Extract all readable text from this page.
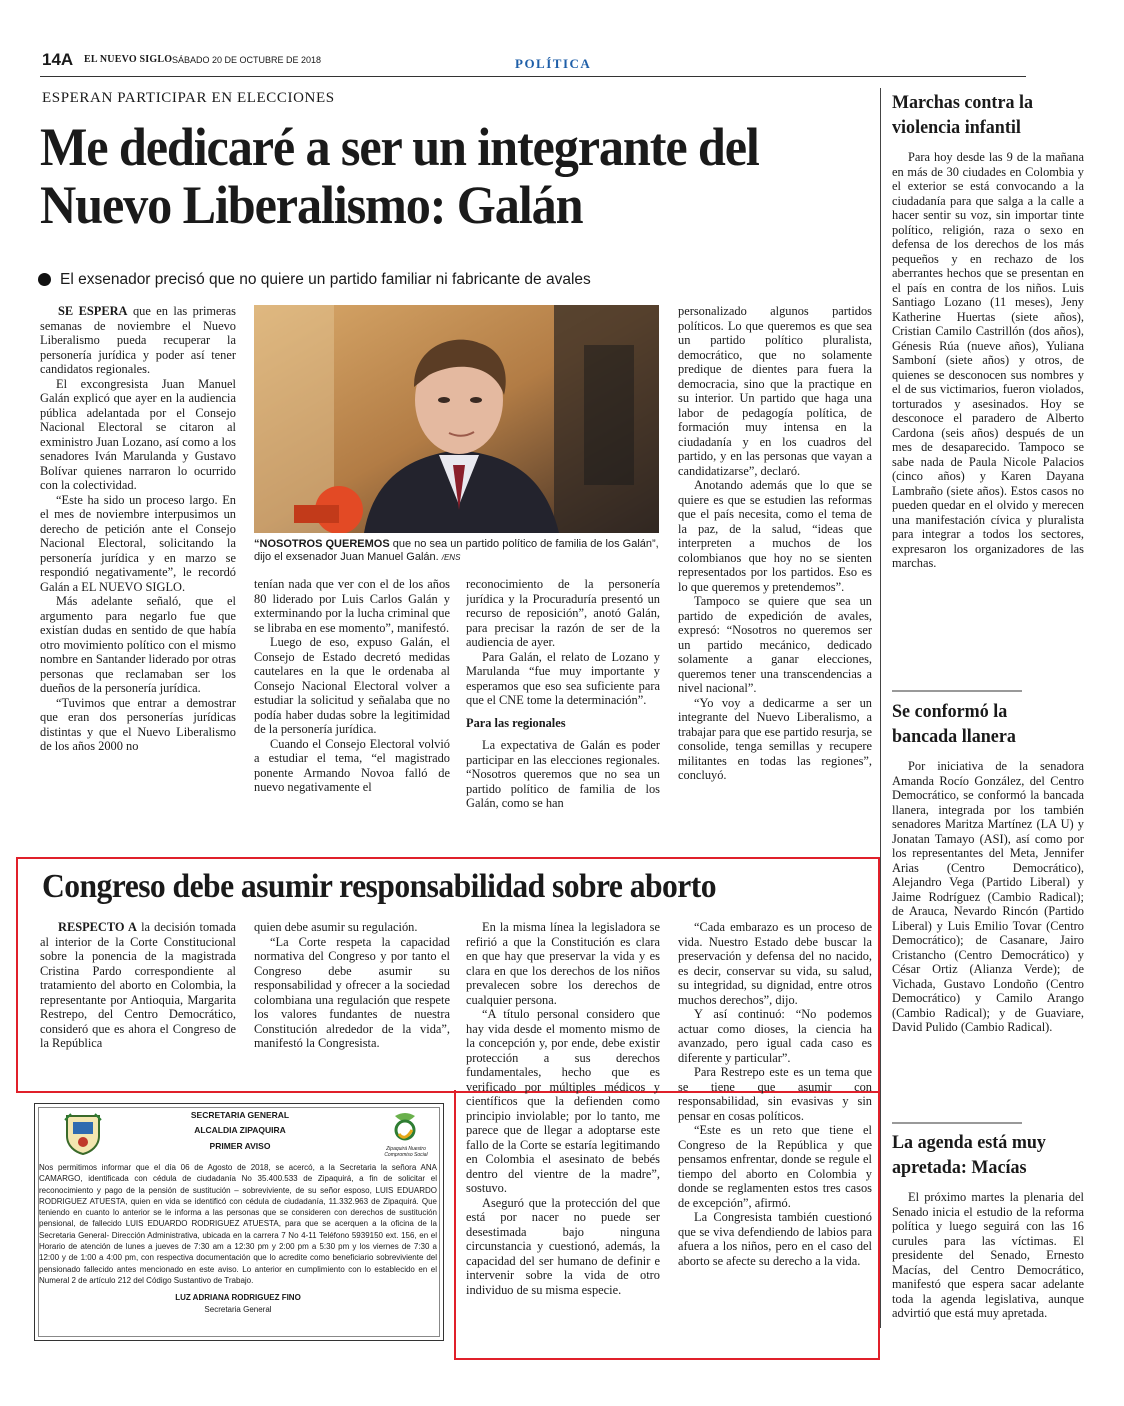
14A EL NUEVO SIGLO SÁBADO 20 DE OCTUBRE DE 2018	POLÍTICA
ESPERAN PARTICIPAR EN ELECCIONES
Me dedicaré a ser un integrante del Nuevo Liberalismo: Galán
El exsenador precisó que no quiere un partido familiar ni fabricante de avales

SE ESPERA que en las primeras semanas de noviembre el Nuevo Liberalismo pueda recuperar la personería jurídica y poder así tener candidatos regionales.

El excongresista Juan Manuel Galán explicó que ayer en la audiencia pública adelantada por el Consejo Nacional Electoral se citaron al exministro Juan Lozano, así como a los senadores Iván Marulanda y Gustavo Bolívar quienes narraron lo ocurrido con la colectividad.

“Este ha sido un proceso largo. En el mes de noviembre interpusimos un derecho de petición ante el Consejo Nacional Electoral, solicitando la personería jurídica y en marzo se respondió negativamente”, le recordó Galán a EL NUEVO SIGLO.

Más adelante señaló, que el argumento para negarlo fue que existían dudas en sentido de que había otro movimiento político con el mismo nombre en Santander liderado por otras personas que reclamaban ser los dueños de la personería jurídica.

“Tuvimos que entrar a demostrar que eran dos personerías jurídicas distintas y que el Nuevo Liberalismo de los años 2000 no

“NOSOTROS QUEREMOS que no sea un partido político de familia de los Galán”, dijo el exsenador Juan Manuel Galán. /ENS

tenían nada que ver con el de los años 80 liderado por Luis Carlos Galán y exterminando por la lucha criminal que se libraba en ese momento”, manifestó.

Luego de eso, expuso Galán, el Consejo de Estado decretó medidas cautelares en la que le ordenaba al Consejo Nacional Electoral volver a estudiar la solicitud y señalaba que no podía haber dudas sobre la legitimidad de la personería jurídica.

Cuando el Consejo Electoral volvió a estudiar el tema, “el magistrado ponente Armando Novoa falló de nuevo negativamente el

reconocimiento de la personería jurídica y la Procuraduría presentó un recurso de reposición”, anotó Galán, para precisar la razón de ser de la audiencia de ayer.

Para Galán, el relato de Lozano y Marulanda “fue muy importante y esperamos que eso sea suficiente para que el CNE tome la determinación”.

Para las regionales

La expectativa de Galán es poder participar en las elecciones regionales. “Nosotros queremos que no sea un partido político de familia de los Galán, como se han

personalizado algunos partidos políticos. Lo que queremos es que sea un partido político pluralista, democrático, que no solamente predique de dientes para fuera la democracia, sino que la practique en su interior. Un partido que haga una labor de pedagogía política, de formación muy intensa en la ciudadanía y en los cuadros del partido, y en las personas que vayan a candidatizarse”, declaró.

Anotando además que lo que se quiere es que se estudien las reformas que el país necesita, como el tema de la paz, de la salud, “ideas que interpreten a muchos de los colombianos que hoy no se sienten representados por los partidos. Eso es lo que queremos y pretendemos”.

Tampoco se quiere que sea un partido de expedición de avales, expresó: “Nosotros no queremos ser un partido mecánico, dedicado solamente a ganar elecciones, queremos tener una transcendencias a nivel nacional”.

“Yo voy a dedicarme a ser un integrante del Nuevo Liberalismo, a trabajar para que ese partido resurja, se consolide, tenga semillas y recupere militantes en todas las regiones”, concluyó.

Congreso debe asumir responsabilidad sobre aborto

RESPECTO A la decisión tomada al interior de la Corte Constitucional sobre la ponencia de la magistrada Cristina Pardo correspondiente al tratamiento del aborto en Colombia, la representante por Antioquia, Margarita Restrepo, del Centro Democrático, consideró que es ahora el Congreso de la República

quien debe asumir su regulación.

“La Corte respeta la capacidad normativa del Congreso y por tanto el Congreso debe asumir su responsabilidad y ofrecer a la sociedad colombiana una regulación que respete los valores fundantes de nuestra Constitución alrededor de la vida”, manifestó la Congresista.

En la misma línea la legisladora se refirió a que la Constitución es clara en que hay que preservar la vida y es clara en que los derechos de los niños prevalecen sobre los derechos de cualquier persona.

“A título personal considero que hay vida desde el momento mismo de la concepción y, por ende, debe existir protección a sus derechos fundamentales, hecho que es verificado por múltiples médicos y científicos que la defienden como principio inviolable; por lo tanto, me parece que de llegar a adoptarse este fallo de la Corte se estaría legitimando en Colombia el asesinato de bebés dentro del vientre de la madre”, sostuvo.

Aseguró que la protección del que está por nacer no puede ser desestimada bajo ninguna circunstancia y cuestionó, además, la capacidad del ser humano de definir e intervenir sobre la vida de otro individuo de su misma especie.

“Cada embarazo es un proceso de vida. Nuestro Estado debe buscar la preservación y defensa del no nacido, es decir, conservar su vida, su salud, su integridad, su dignidad, entre otros muchos derechos”, dijo.

Y así continuó: “No podemos actuar como dioses, la ciencia ha avanzado, pero igual cada caso es diferente y particular”.

Para Restrepo este es un tema que se tiene que asumir con responsabilidad, sin evasivas y sin pensar en cosas políticos.

“Este es un reto que tiene el Congreso de la República y que pensamos enfrentar, donde se regule el tiempo del aborto en Colombia y donde se reglamenten estos tres casos de excepción”, afirmó.

La Congresista también cuestionó que se viva defendiendo de labios para afuera a los niños, pero en el caso del aborto se afecte su derecho a la vida.

Zipaquirá Nuestro
Compromiso Social
SECRETARIA GENERAL
ALCALDIA ZIPAQUIRA
PRIMER AVISO
Nos permitimos informar que el día 06 de Agosto de 2018, se acercó, a la Secretaria la señora ANA CAMARGO, identificada con cédula de ciudadanía No 35.400.533 de Zipaquirá, a fin de solicitar el reconocimiento y pago de la pensión de sustitución – sobreviviente, de su señor esposo, LUIS EDUARDO RODRIGUEZ ATUESTA, quien en vida se identificó con cédula de ciudadanía, 11.332.963 de Zipaquirá. Que teniendo en cuanto lo anterior se le informa a las personas que se consideren con derechos de sustitución pensional, de fallecido LUIS EDUARDO RODRIGUEZ ATUESTA, para que se acerquen a la oficina de la Secretaria General- Dirección Administrativa, ubicada en la carrera 7 No 4-11 Teléfono 5939150 ext. 156, en el Horario de atención de lunes a jueves de 7:30 am a 12:30 pm y 2:00 pm a 5:30 pm y los viernes de 7:30 a 12:00 y de 1:00 a 4:00 pm, con respectiva documentación que lo acredite como beneficiario sobreviviente del pensionado fallecido antes mencionado en este aviso. Lo anterior en cumplimiento con lo establecido en el Numeral 2 de artículo 212 del Código Sustantivo de Trabajo.
LUZ ADRIANA RODRIGUEZ FINO
Secretaria General
Marchas contra la violencia infantil

Para hoy desde las 9 de la mañana en más de 30 ciudades en Colombia y el exterior se está convocando a la ciudadanía para que salga a la calle a hacer sentir su voz, sin importar tinte político, religión, raza o sexo en defensa de los derechos de los más pequeños y en rechazo de los aberrantes hechos que se presentan en el país en contra de los niños. Luis Santiago Lozano (11 meses), Jeny Katherine Huertas (siete años), Cristian Camilo Castrillón (dos años), Génesis Rúa (nueve años), Yuliana Samboní (siete años) y otros, de quienes se desconocen sus nombres y el de sus victimarios, fueron violados, torturados y asesinados. Hoy se desconoce el paradero de Alberto Cardona (seis años) después de un mes de desaparecido. Tampoco se sabe nada de Paula Nicole Palacios (cinco años) y Karen Dayana Lambraño (siete años). Estos casos no pueden quedar en el olvido y merecen una manifestación cívica y pluralista para integrar a todos los sectores, expresaron los organizadores de las marchas.

Se conformó la bancada llanera

Por iniciativa de la senadora Amanda Rocío González, del Centro Democrático, se conformó la bancada llanera, integrada por los también senadores Maritza Martínez (LA U) y Jonatan Tamayo (ASI), así como por los representantes del Meta, Jennifer Arias (Centro Democrático), Alejandro Vega (Partido Liberal) y Jaime Rodríguez (Cambio Radical); de Arauca, Nevardo Rincón (Partido Liberal) y Luis Emilio Tovar (Centro Democrático); de Casanare, Jairo Cristancho (Centro Democrático) y César Ortiz (Alianza Verde); de Vichada, Gustavo Londoño (Centro Democrático) y Camilo Arango (Cambio Radical); y de Guaviare, David Pulido (Cambio Radical).

La agenda está muy apretada: Macías

El próximo martes la plenaria del Senado inicia el estudio de la reforma política y luego seguirá con las 16 curules para las víctimas. El presidente del Senado, Ernesto Macías, del Centro Democrático, manifestó que espera sacar adelante toda la agenda legislativa, aunque advirtió que está muy apretada.
